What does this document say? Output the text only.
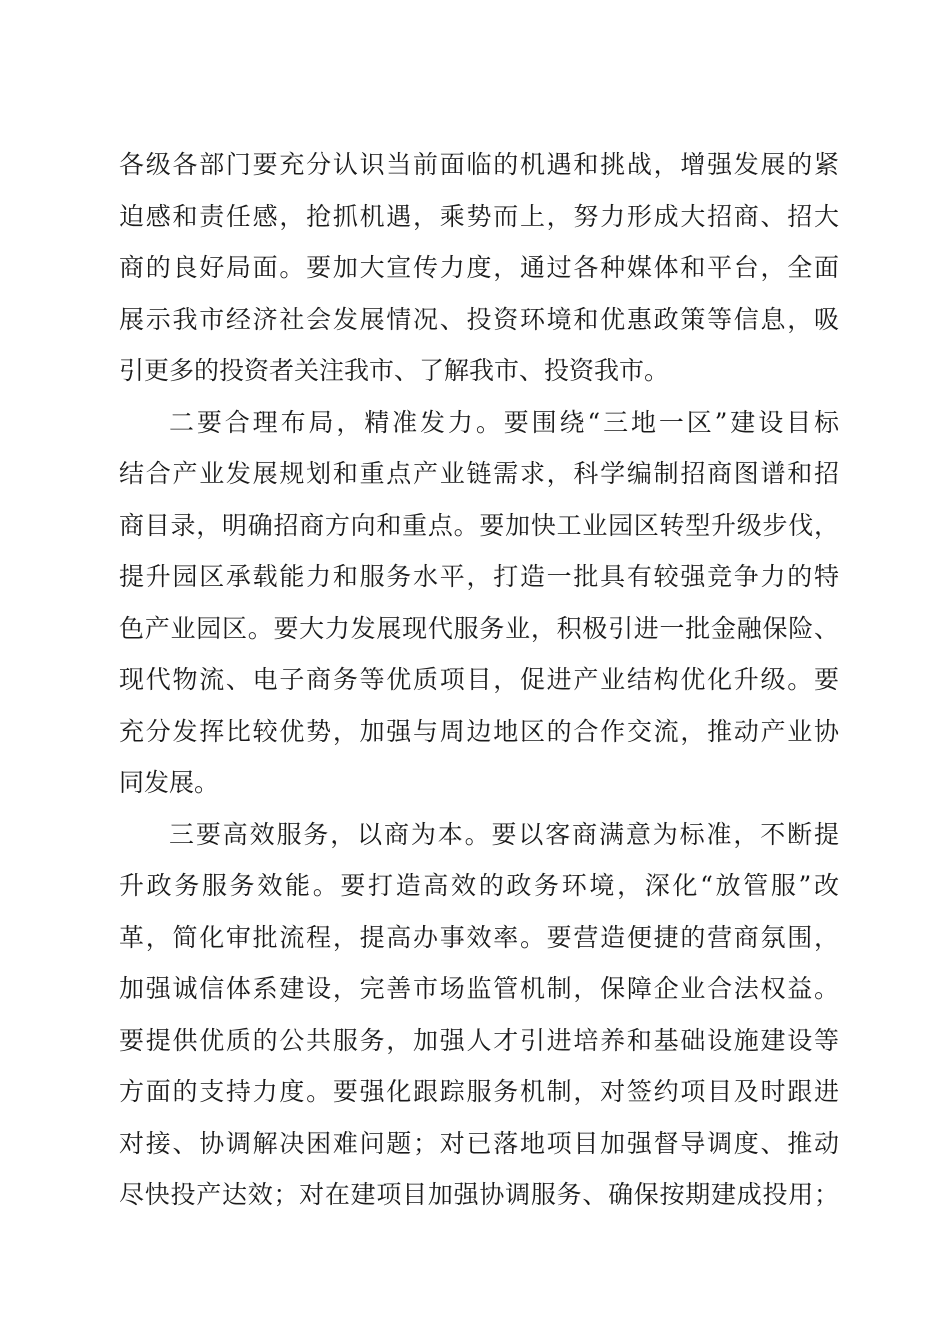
各级各部门要充分认识当前面临的机遇和挑战，增强发展的紧
迫感和责任感，抢抓机遇，乘势而上，努力形成大招商、招大
商的良好局面。要加大宣传力度，通过各种媒体和平台，全面
展示我市经济社会发展情况、投资环境和优惠政策等信息，吸
引更多的投资者关注我市、了解我市、投资我市。
二要合理布局，精准发力。要围绕“三地一区”建设目标
结合产业发展规划和重点产业链需求，科学编制招商图谱和招
商目录，明确招商方向和重点。要加快工业园区转型升级步伐，
提升园区承载能力和服务水平，打造一批具有较强竞争力的特
色产业园区。要大力发展现代服务业，积极引进一批金融保险、
现代物流、电子商务等优质项目，促进产业结构优化升级。要
充分发挥比较优势，加强与周边地区的合作交流，推动产业协
同发展。
三要高效服务，以商为本。要以客商满意为标准，不断提
升政务服务效能。要打造高效的政务环境，深化“放管服”改
革，简化审批流程，提高办事效率。要营造便捷的营商氛围，
加强诚信体系建设，完善市场监管机制，保障企业合法权益。
要提供优质的公共服务，加强人才引进培养和基础设施建设等
方面的支持力度。要强化跟踪服务机制，对签约项目及时跟进
对接、协调解决困难问题；对已落地项目加强督导调度、推动
尽快投产达效；对在建项目加强协调服务、确保按期建成投用；
